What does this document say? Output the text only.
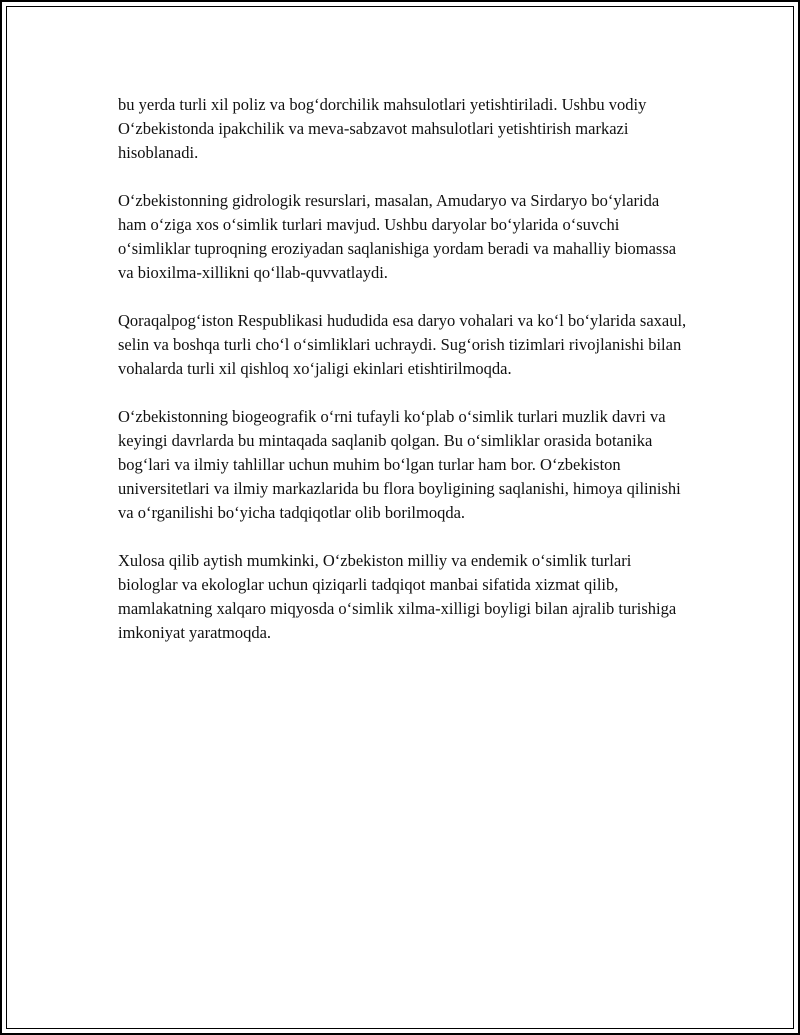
bu yerda turli xil poliz va bog‘dorchilik mahsulotlari yetishtiriladi. Ushbu vodiy O‘zbekistonda ipakchilik va meva-sabzavot mahsulotlari yetishtirish markazi hisoblanadi.

O‘zbekistonning gidrologik resurslari, masalan, Amudaryo va Sirdaryo bo‘ylarida ham o‘ziga xos o‘simlik turlari mavjud. Ushbu daryolar bo‘ylarida o‘suvchi o‘simliklar tuproqning eroziyadan saqlanishiga yordam beradi va mahalliy biomassa va bioxilma-xillikni qo‘llab-quvvatlaydi.

Qoraqalpog‘iston Respublikasi hududida esa daryo vohalari va ko‘l bo‘ylarida saxaul, selin va boshqa turli cho‘l o‘simliklari uchraydi. Sug‘orish tizimlari rivojlanishi bilan vohalarda turli xil qishloq xo‘jaligi ekinlari etishtirilmoqda.

O‘zbekistonning biogeografik o‘rni tufayli ko‘plab o‘simlik turlari muzlik davri va keyingi davrlarda bu mintaqada saqlanib qolgan. Bu o‘simliklar orasida botanika bog‘lari va ilmiy tahlillar uchun muhim bo‘lgan turlar ham bor. O‘zbekiston universitetlari va ilmiy markazlarida bu flora boyligining saqlanishi, himoya qilinishi va o‘rganilishi bo‘yicha tadqiqotlar olib borilmoqda.

Xulosa qilib aytish mumkinki, O‘zbekiston milliy va endemik o‘simlik turlari biologlar va ekologlar uchun qiziqarli tadqiqot manbai sifatida xizmat qilib, mamlakatning xalqaro miqyosda o‘simlik xilma-xilligi boyligi bilan ajralib turishiga imkoniyat yaratmoqda.
